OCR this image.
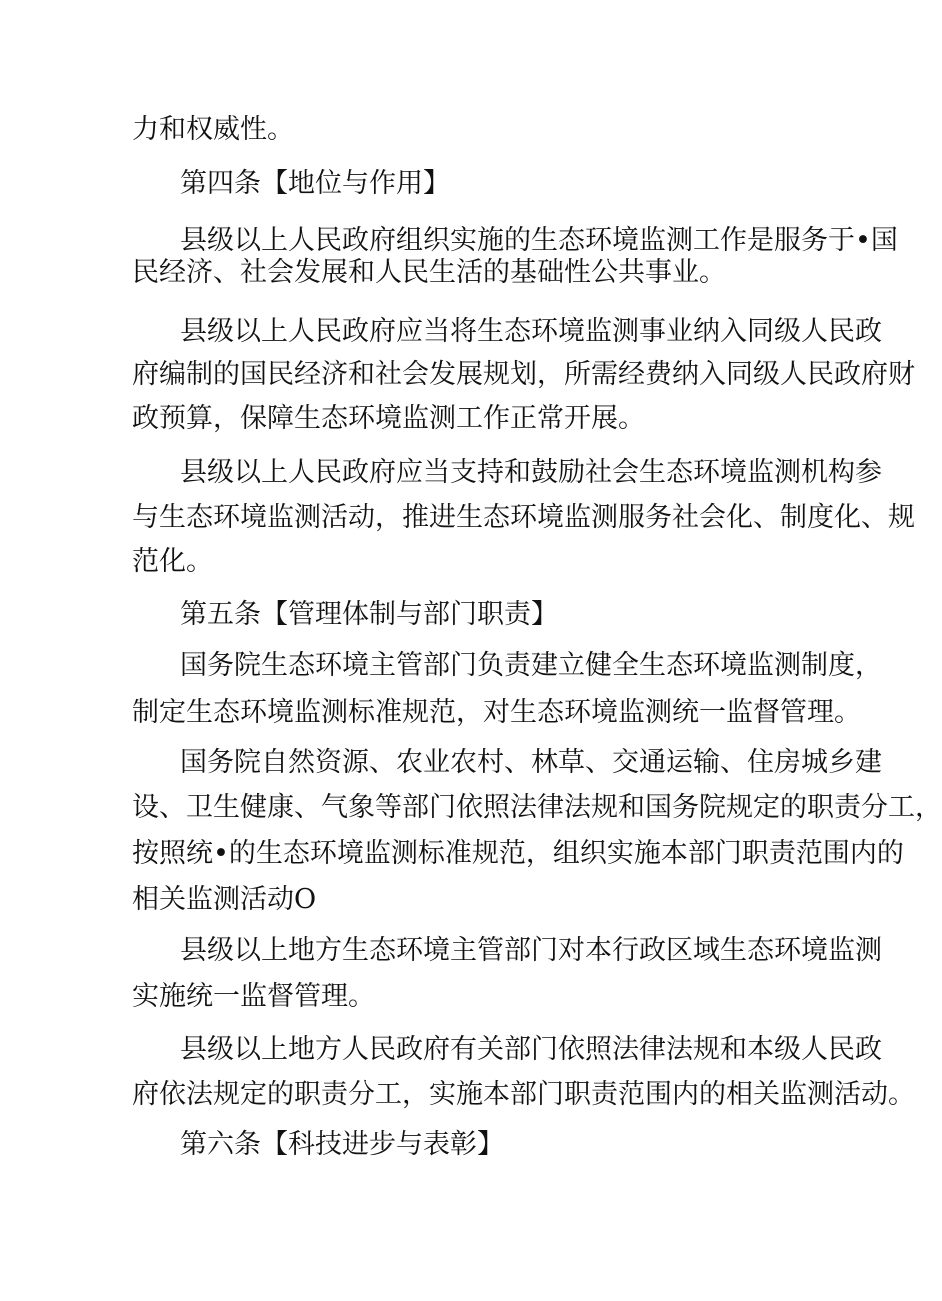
力和权威性。
第四条【地位与作用】
县级以上人民政府组织实施的生态环境监测工作是服务于•国
民经济、社会发展和人民生活的基础性公共事业。
县级以上人民政府应当将生态环境监测事业纳入同级人民政
府编制的国民经济和社会发展规划，所需经费纳入同级人民政府财
政预算，保障生态环境监测工作正常开展。
县级以上人民政府应当支持和鼓励社会生态环境监测机构参
与生态环境监测活动，推进生态环境监测服务社会化、制度化、规
范化。
第五条【管理体制与部门职责】
国务院生态环境主管部门负责建立健全生态环境监测制度，
制定生态环境监测标准规范，对生态环境监测统一监督管理。
国务院自然资源、农业农村、林草、交通运输、住房城乡建
设、卫生健康、气象等部门依照法律法规和国务院规定的职责分工，
按照统•的生态环境监测标准规范，组织实施本部门职责范围内的
相关监测活动O
县级以上地方生态环境主管部门对本行政区域生态环境监测
实施统一监督管理。
县级以上地方人民政府有关部门依照法律法规和本级人民政
府依法规定的职责分工，实施本部门职责范围内的相关监测活动。
第六条【科技进步与表彰】
